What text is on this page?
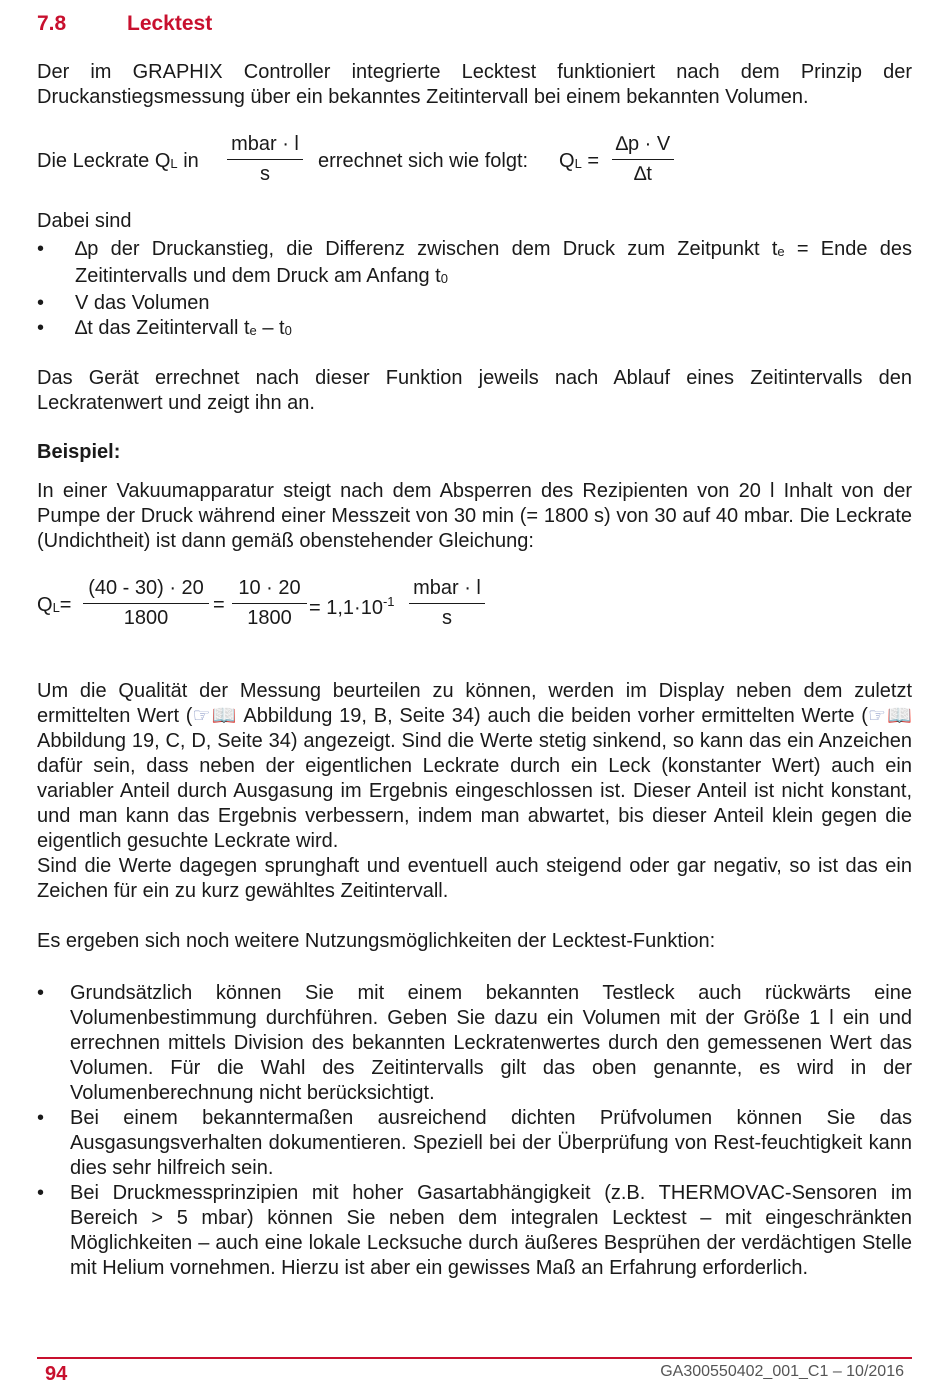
7.8	Lecktest
Der im GRAPHIX Controller integrierte Lecktest funktioniert nach dem Prinzip der Druckanstiegsmessung über ein bekanntes Zeitintervall bei einem bekannten Volumen.
Die Leckrate $Q_L$ in
mbar · l
s
errechnet sich wie folgt: $Q_L$ =
∆p · V
∆t
Dabei sind
• ∆p der Druckanstieg, die Differenz zwischen dem Druck zum Zeitpunkt $t_e$ = Ende des Zeitintervalls und dem Druck am Anfang $t_0$
• V das Volumen
• ∆t das Zeitintervall $t_e - t_0$
Das Gerät errechnet nach dieser Funktion jeweils nach Ablauf eines Zeitintervalls den Leckratenwert und zeigt ihn an.
Beispiel:
In einer Vakuumapparatur steigt nach dem Absperren des Rezipienten von 20 l Inhalt von der Pumpe der Druck während einer Messzeit von 30 min (= 1800 s) von 30 auf 40 mbar. Die Leckrate (Undichtheit) ist dann gemäß obenstehender Gleichung:
$Q_L=$
(40 - 30) · 20
1800
=
10 · 20
$1800 = 1,1\cdot 10^{-1}$
mbar · l
s
Um die Qualität der Messung beurteilen zu können, werden im Display neben dem zuletzt ermittelten Wert (☞📖 Abbildung 19, B, Seite 34) auch die beiden vorher ermittelten Werte (☞📖 Abbildung 19, C, D, Seite 34) angezeigt. Sind die Werte stetig sinkend, so kann das ein Anzeichen dafür sein, dass neben der eigentlichen Leckrate durch ein Leck (konstanter Wert) auch ein variabler Anteil durch Ausgasung im Ergebnis eingeschlossen ist. Dieser Anteil ist nicht konstant, und man kann das Ergebnis verbessern, indem man abwartet, bis dieser Anteil klein gegen die eigentlich gesuchte Leckrate wird.
Sind die Werte dagegen sprunghaft und eventuell auch steigend oder gar negativ, so ist das ein Zeichen für ein zu kurz gewähltes Zeitintervall.
Es ergeben sich noch weitere Nutzungsmöglichkeiten der Lecktest-Funktion:
• Grundsätzlich können Sie mit einem bekannten Testleck auch rückwärts eine Volumenbestimmung durchführen. Geben Sie dazu ein Volumen mit der Größe 1 l ein und errechnen mittels Division des bekannten Leckratenwertes durch den gemessenen Wert das Volumen. Für die Wahl des Zeitintervalls gilt das oben genannte, es wird in der Volumenberechnung nicht berücksichtigt.
• Bei einem bekanntermaßen ausreichend dichten Prüfvolumen können Sie das Ausgasungsverhalten dokumentieren. Speziell bei der Überprüfung von Rest-feuchtigkeit kann dies sehr hilfreich sein.
• Bei Druckmessprinzipien mit hoher Gasartabhängigkeit (z.B. THERMOVAC-Sensoren im Bereich > 5 mbar) können Sie neben dem integralen Lecktest – mit eingeschränkten Möglichkeiten – auch eine lokale Lecksuche durch äußeres Besprühen der verdächtigen Stelle mit Helium vornehmen. Hierzu ist aber ein gewisses Maß an Erfahrung erforderlich.
94	GA300550402_001_C1 – 10/2016
